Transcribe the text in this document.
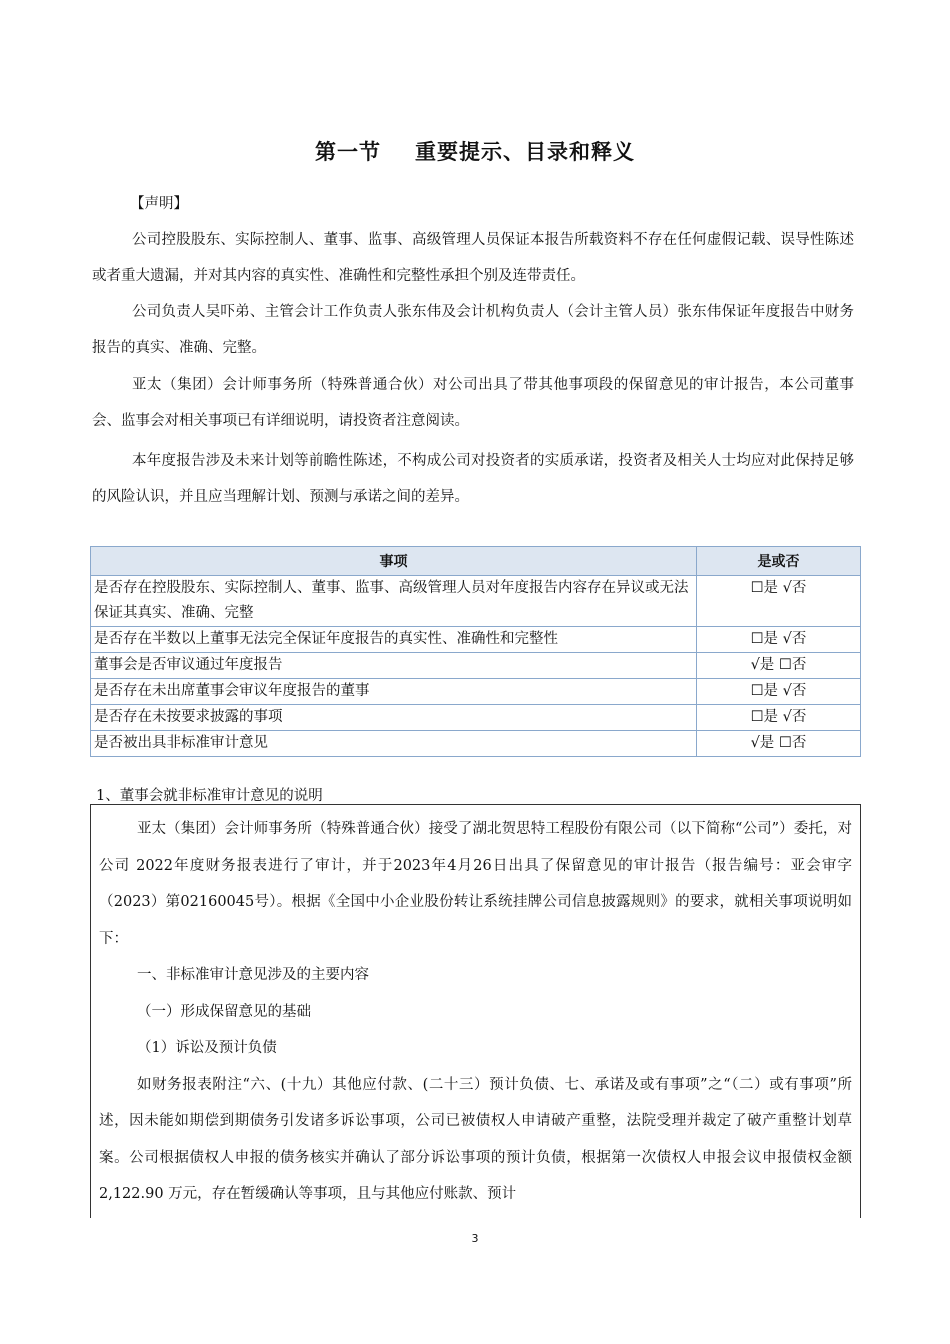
第一节 重要提示、目录和释义
【声明】

公司控股股东、实际控制人、董事、监事、高级管理人员保证本报告所载资料不存在任何虚假记载、误导性陈述或者重大遗漏，并对其内容的真实性、准确性和完整性承担个别及连带责任。

公司负责人吴吓弟、主管会计工作负责人张东伟及会计机构负责人（会计主管人员）张东伟保证年度报告中财务报告的真实、准确、完整。

亚太（集团）会计师事务所（特殊普通合伙）对公司出具了带其他事项段的保留意见的审计报告，本公司董事会、监事会对相关事项已有详细说明，请投资者注意阅读。

本年度报告涉及未来计划等前瞻性陈述，不构成公司对投资者的实质承诺，投资者及相关人士均应对此保持足够的风险认识，并且应当理解计划、预测与承诺之间的差异。

事项	是或否
是否存在控股股东、实际控制人、董事、监事、高级管理人员对年度报告内容存在异议或无法保证其真实、准确、完整	☐是 √否
是否存在半数以上董事无法完全保证年度报告的真实性、准确性和完整性	☐是 √否
董事会是否审议通过年度报告	√是 ☐否
是否存在未出席董事会审议年度报告的董事	☐是 √否
是否存在未按要求披露的事项	☐是 √否
是否被出具非标准审计意见	√是 ☐否
1、董事会就非标准审计意见的说明

亚太（集团）会计师事务所（特殊普通合伙）接受了湖北贺思特工程股份有限公司（以下简称“公司”）委托，对公司 2022年度财务报表进行了审计，并于2023年4月26日出具了保留意见的审计报告（报告编号：亚会审字（2023）第02160045号）。根据《全国中小企业股份转让系统挂牌公司信息披露规则》的要求，就相关事项说明如下：

一、非标准审计意见涉及的主要内容

（一）形成保留意见的基础

（1）诉讼及预计负债

如财务报表附注“六、(十九）其他应付款、(二十三）预计负债、七、承诺及或有事项”之“（二）或有事项”所述，因未能如期偿到期债务引发诸多诉讼事项，公司已被债权人申请破产重整，法院受理并裁定了破产重整计划草案。公司根据债权人申报的债务核实并确认了部分诉讼事项的预计负债，根据第一次债权人申报会议申报债权金额 2,122.90 万元，存在暂缓确认等事项，且与其他应付账款、预计

3
